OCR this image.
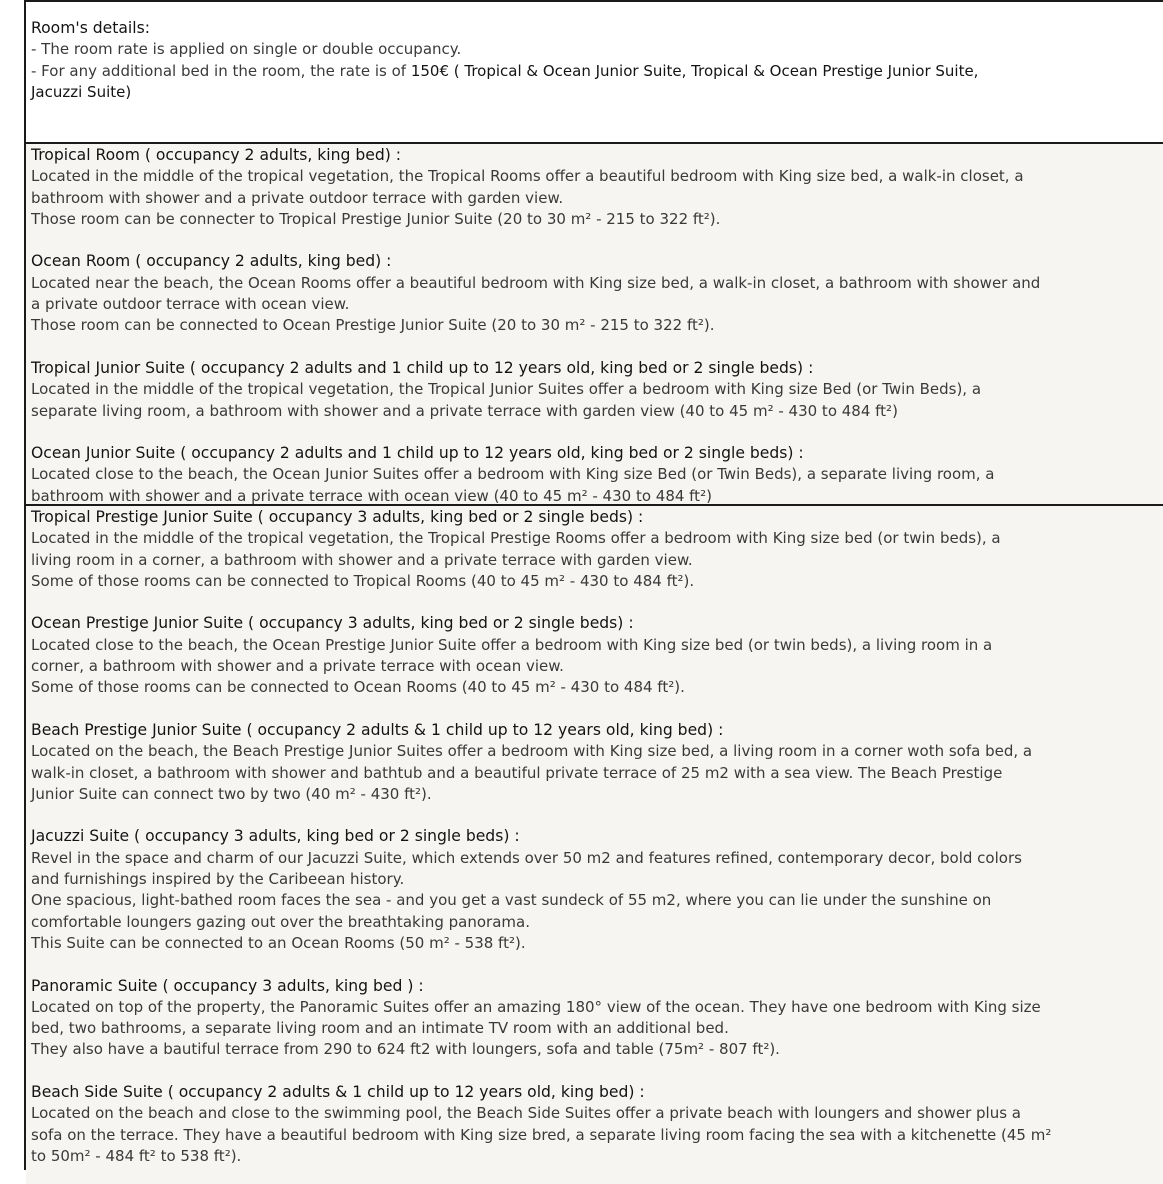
Room's details:
- The room rate is applied on single or double occupancy.
- For any additional bed in the room, the rate is of 150€ ( Tropical & Ocean Junior Suite, Tropical & Ocean Prestige Junior Suite,
Jacuzzi Suite)
Tropical Room ( occupancy 2 adults, king bed) :
Located in the middle of the tropical vegetation, the Tropical Rooms offer a beautiful bedroom with King size bed, a walk-in closet, a
bathroom with shower and a private outdoor terrace with garden view.
Those room can be connecter to Tropical Prestige Junior Suite (20 to 30 m² - 215 to 322 ft²).
Ocean Room ( occupancy 2 adults, king bed) :
Located near the beach, the Ocean Rooms offer a beautiful bedroom with King size bed, a walk-in closet, a bathroom with shower and
a private outdoor terrace with ocean view.
Those room can be connected to Ocean Prestige Junior Suite (20 to 30 m² - 215 to 322 ft²).
Tropical Junior Suite ( occupancy 2 adults and 1 child up to 12 years old, king bed or 2 single beds) :
Located in the middle of the tropical vegetation, the Tropical Junior Suites offer a bedroom with King size Bed (or Twin Beds), a
separate living room, a bathroom with shower and a private terrace with garden view (40 to 45 m² - 430 to 484 ft²)
Ocean Junior Suite ( occupancy 2 adults and 1 child up to 12 years old, king bed or 2 single beds) :
Located close to the beach, the Ocean Junior Suites offer a bedroom with King size Bed (or Twin Beds), a separate living room, a
bathroom with shower and a private terrace with ocean view (40 to 45 m² - 430 to 484 ft²)
Tropical Prestige Junior Suite ( occupancy 3 adults, king bed or 2 single beds) :
Located in the middle of the tropical vegetation, the Tropical Prestige Rooms offer a bedroom with King size bed (or twin beds), a
living room in a corner, a bathroom with shower and a private terrace with garden view.
Some of those rooms can be connected to Tropical Rooms (40 to 45 m² - 430 to 484 ft²).
Ocean Prestige Junior Suite ( occupancy 3 adults, king bed or 2 single beds) :
Located close to the beach, the Ocean Prestige Junior Suite offer a bedroom with King size bed (or twin beds), a living room in a
corner, a bathroom with shower and a private terrace with ocean view.
Some of those rooms can be connected to Ocean Rooms (40 to 45 m² - 430 to 484 ft²).
Beach Prestige Junior Suite ( occupancy 2 adults & 1 child up to 12 years old, king bed) :
Located on the beach, the Beach Prestige Junior Suites offer a bedroom with King size bed, a living room in a corner woth sofa bed, a
walk-in closet, a bathroom with shower and bathtub and a beautiful private terrace of 25 m2 with a sea view. The Beach Prestige
Junior Suite can connect two by two (40 m² - 430 ft²).
Jacuzzi Suite ( occupancy 3 adults, king bed or 2 single beds) :
Revel in the space and charm of our Jacuzzi Suite, which extends over 50 m2 and features refined, contemporary decor, bold colors
and furnishings inspired by the Caribeean history.
One spacious, light-bathed room faces the sea - and you get a vast sundeck of 55 m2, where you can lie under the sunshine on
comfortable loungers gazing out over the breathtaking panorama.
This Suite can be connected to an Ocean Rooms (50 m² - 538 ft²).
Panoramic Suite ( occupancy 3 adults, king bed ) :
Located on top of the property, the Panoramic Suites offer an amazing 180° view of the ocean. They have one bedroom with King size
bed, two bathrooms, a separate living room and an intimate TV room with an additional bed.
They also have a bautiful terrace from 290 to 624 ft2 with loungers, sofa and table (75m² - 807 ft²).
Beach Side Suite ( occupancy 2 adults & 1 child up to 12 years old, king bed) :
Located on the beach and close to the swimming pool, the Beach Side Suites offer a private beach with loungers and shower plus a
sofa on the terrace. They have a beautiful bedroom with King size bred, a separate living room facing the sea with a kitchenette (45 m²
to 50m² - 484 ft² to 538 ft²).
